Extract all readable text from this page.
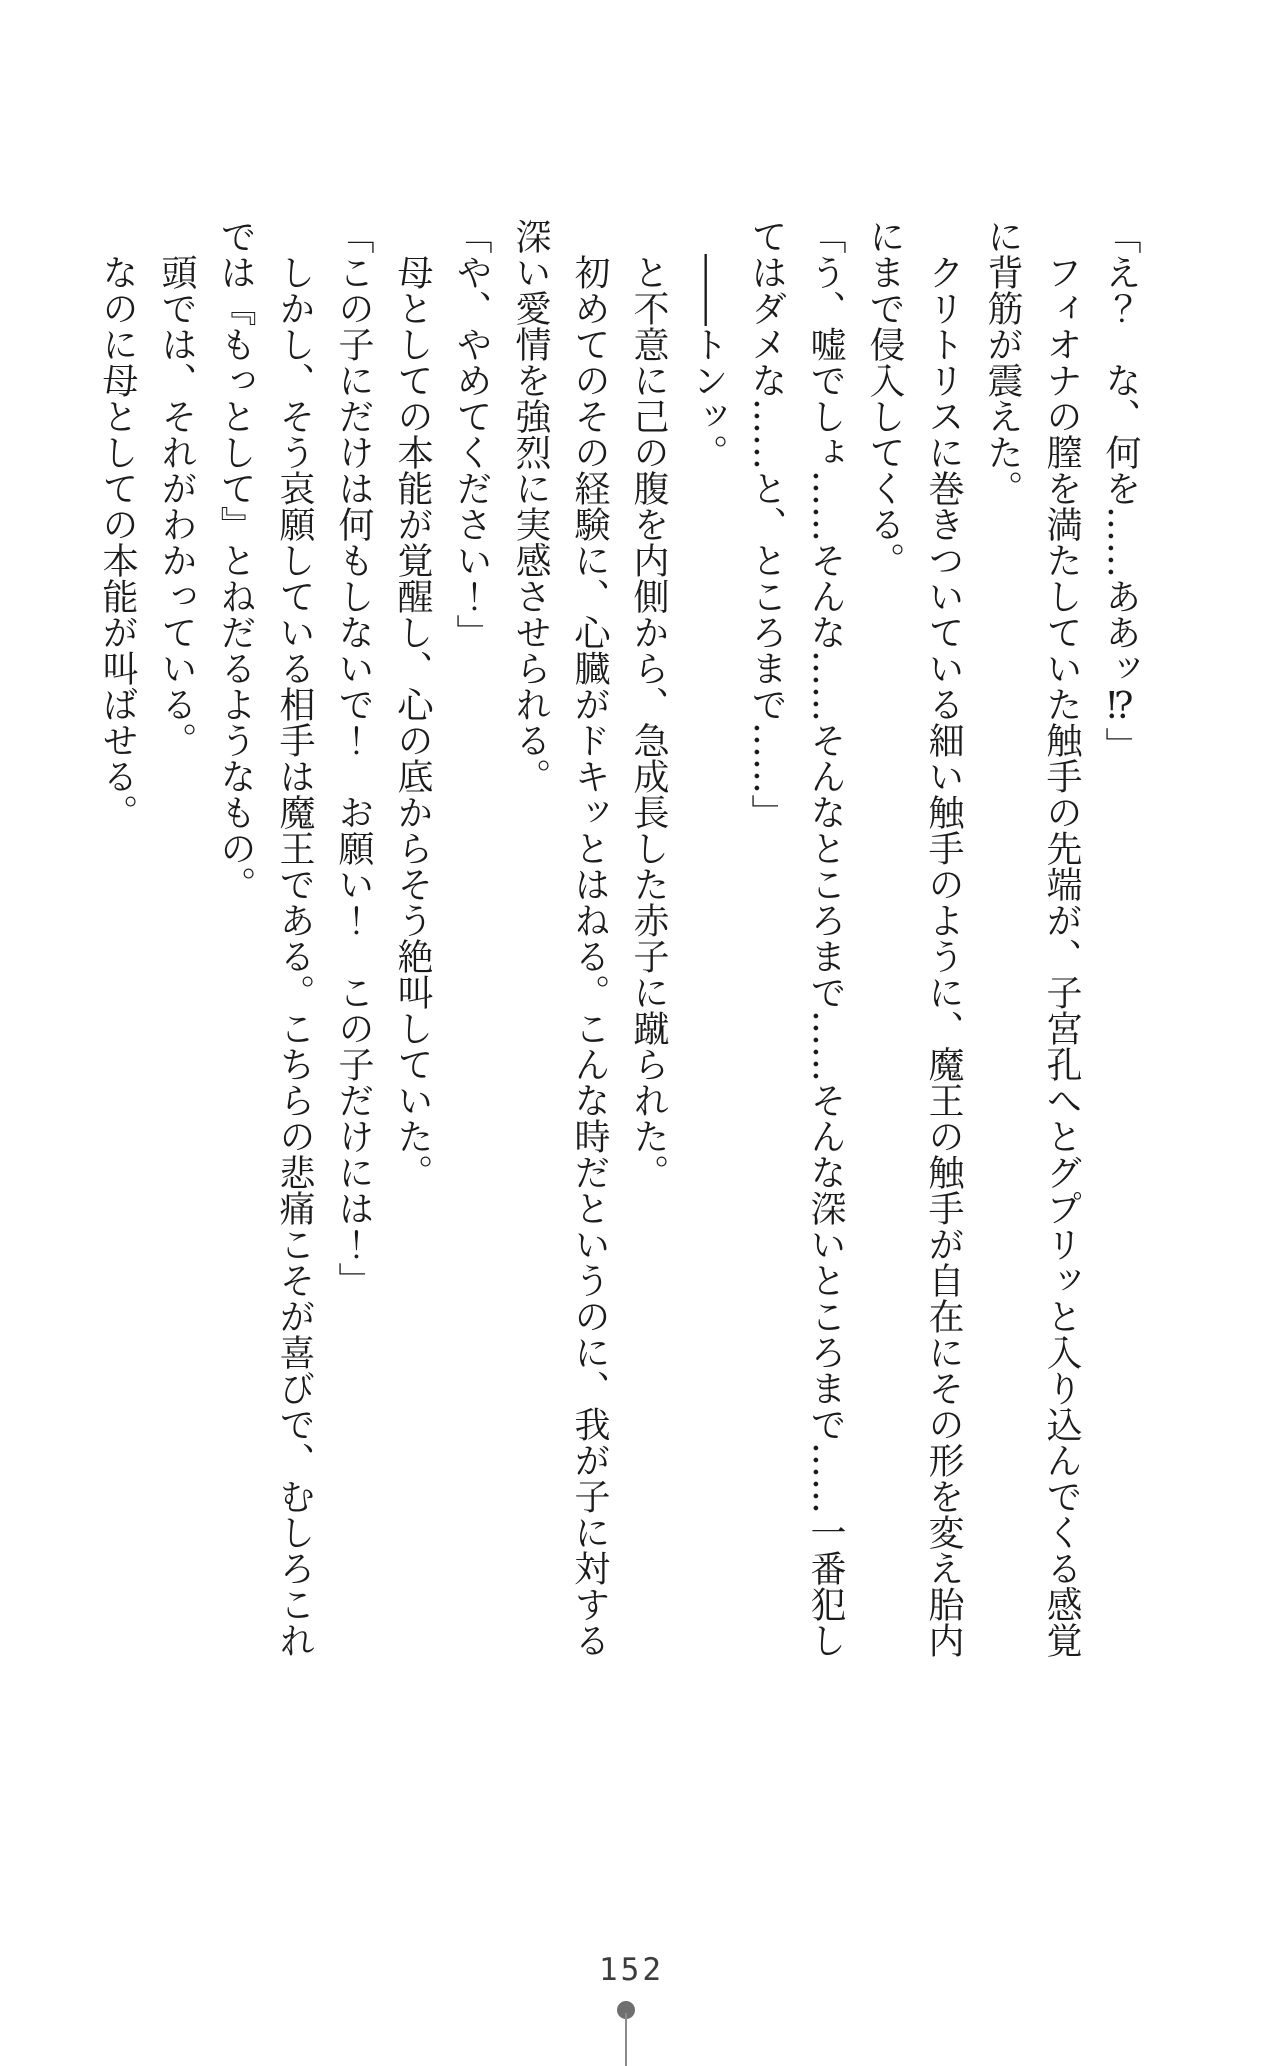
「え？　な、何を……ああッ⁉」

フィオナの膣を満たしていた触手の先端が、子宮孔へとグプリッと入り込んでくる感覚に背筋が震えた。

クリトリスに巻きついている細い触手のように、魔王の触手が自在にその形を変え胎内にまで侵入してくる。

「う、嘘でしょ……そんな……そんなところまで……そんな深いところまで……一番犯してはダメな……と、ところまで……」

――トンッ。

と不意に己の腹を内側から、急成長した赤子に蹴られた。

初めてのその経験に、心臓がドキッとはねる。こんな時だというのに、我が子に対する深い愛情を強烈に実感させられる。

「や、やめてください！」

母としての本能が覚醒し、心の底からそう絶叫していた。

「この子にだけは何もしないで！　お願い！　この子だけには！」

しかし、そう哀願している相手は魔王である。こちらの悲痛こそが喜びで、むしろこれでは『もっとして』とねだるようなもの。

頭では、それがわかっている。

なのに母としての本能が叫ばせる。

152
